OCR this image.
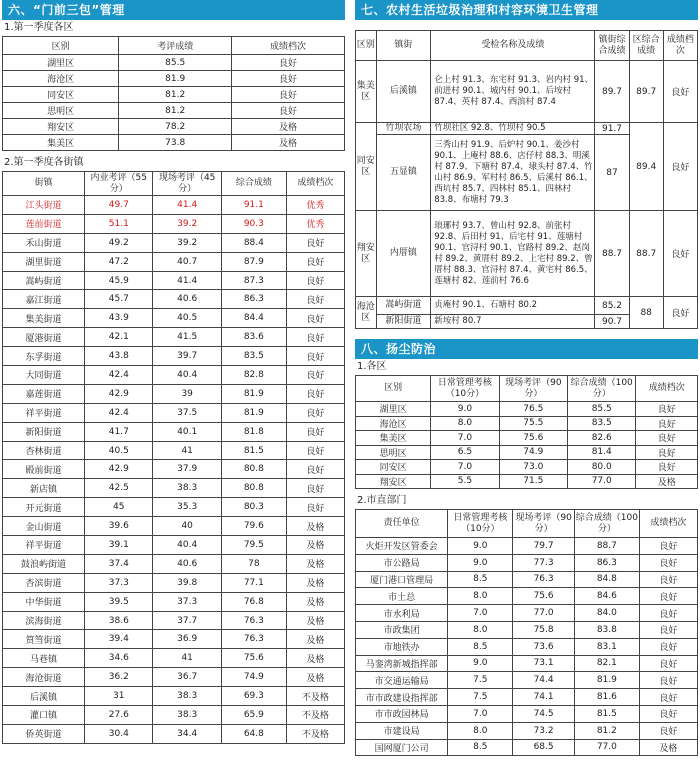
六、“门前三包”管理
1.第一季度各区
区别	考评成绩	成绩档次
湖里区	85.5	良好
海沧区	81.9	良好
同安区	81.2	良好
思明区	81.2	良好
翔安区	78.2	及格
集美区	73.8	及格
2.第一季度各街镇
街镇	内业考评（55分）	现场考评（45分）	综合成绩	成绩档次
江头街道	49.7	41.4	91.1	优秀
莲前街道	51.1	39.2	90.3	优秀
禾山街道	49.2	39.2	88.4	良好
湖里街道	47.2	40.7	87.9	良好
嵩屿街道	45.9	41.4	87.3	良好
嘉江街道	45.7	40.6	86.3	良好
集美街道	43.9	40.5	84.4	良好
厦港街道	42.1	41.5	83.6	良好
东孚街道	43.8	39.7	83.5	良好
大同街道	42.4	40.4	82.8	良好
嘉莲街道	42.9	39	81.9	良好
祥平街道	42.4	37.5	81.9	良好
新阳街道	41.7	40.1	81.8	良好
杏林街道	40.5	41	81.5	良好
殿前街道	42.9	37.9	80.8	良好
新店镇	42.5	38.3	80.8	良好
开元街道	45	35.3	80.3	良好
金山街道	39.6	40	79.6	及格
祥平街道	39.1	40.4	79.5	及格
鼓浪屿街道	37.4	40.6	78	及格
杏滨街道	37.3	39.8	77.1	及格
中华街道	39.5	37.3	76.8	及格
滨海街道	38.6	37.7	76.3	及格
筼筜街道	39.4	36.9	76.3	及格
马巷镇	34.6	41	75.6	及格
海沧街道	36.2	36.7	74.9	及格
后溪镇	31	38.3	69.3	不及格
灌口镇	27.6	38.3	65.9	不及格
侨英街道	30.4	34.4	64.8	不及格
七、农村生活垃圾治理和村容环境卫生管理
区别	镇街	受检名称及成绩	镇街综合成绩	区综合成绩	成绩档次
集美区	后溪镇	仑上村 91.3、东宅村 91.3、岩内村 91、前进村 90.1、城内村 90.1、后垵村 87.4、英村 87.4、西滨村 87.4	89.7	89.7	良好
同安区	竹坝农场	竹坝社区 92.8、竹坝村 90.5	91.7	89.4	良好
	五显镇	三秀山村 91.9、后炉村 90.1、姜沙村 90.1、上庵村 88.6、店仔村 88.3、明溪村 87.9、下塘村 87.4、埭头村 87.4、竹山村 86.9、军村村 86.5、后溪村 86.1、西坑村 85.7、四林村 85.1、四林村 83.8、布塘村 79.3	87		
翔安区	内厝镇	琅琊村 93.7、曾山村 92.8、前张村 92.8、后田村 91、后宅村 91、莲塘村 90.1、官浔村 90.1、官路村 89.2、赵岗村 89.2、黄厝村 89.2、上宅村 89.2、曾厝村 88.3、官浔村 87.4、黄宅村 86.5、莲塘村 82、莲前村 76.6	88.7	88.7	良好
海沧区	嵩屿街道	贞庵村 90.1、石塘村 80.2	85.2	88	良好
	新阳街道	新垵村 80.7	90.7		
八、扬尘防治
1.各区
区别	日常管理考核（10分）	现场考评（90分）	综合成绩（100分）	成绩档次
湖里区	9.0	76.5	85.5	良好
海沧区	8.0	75.5	83.5	良好
集美区	7.0	75.6	82.6	良好
思明区	6.5	74.9	81.4	良好
同安区	7.0	73.0	80.0	良好
翔安区	5.5	71.5	77.0	及格
2.市直部门
责任单位	日常管理考核（10分）	现场考评（90分）	综合成绩（100分）	成绩档次
火炬开发区管委会	9.0	79.7	88.7	良好
市公路局	9.0	77.3	86.3	良好
厦门港口管理局	8.5	76.3	84.8	良好
市土总	8.0	75.6	84.6	良好
市水利局	7.0	77.0	84.0	良好
市政集团	8.0	75.8	83.8	良好
市地铁办	8.5	73.6	83.1	良好
马銮湾新城指挥部	9.0	73.1	82.1	良好
市交通运输局	7.5	74.4	81.9	良好
市市政建设指挥部	7.5	74.1	81.6	良好
市市政园林局	7.0	74.5	81.5	良好
市建设局	8.0	73.2	81.2	良好
国网厦门公司	8.5	68.5	77.0	及格
